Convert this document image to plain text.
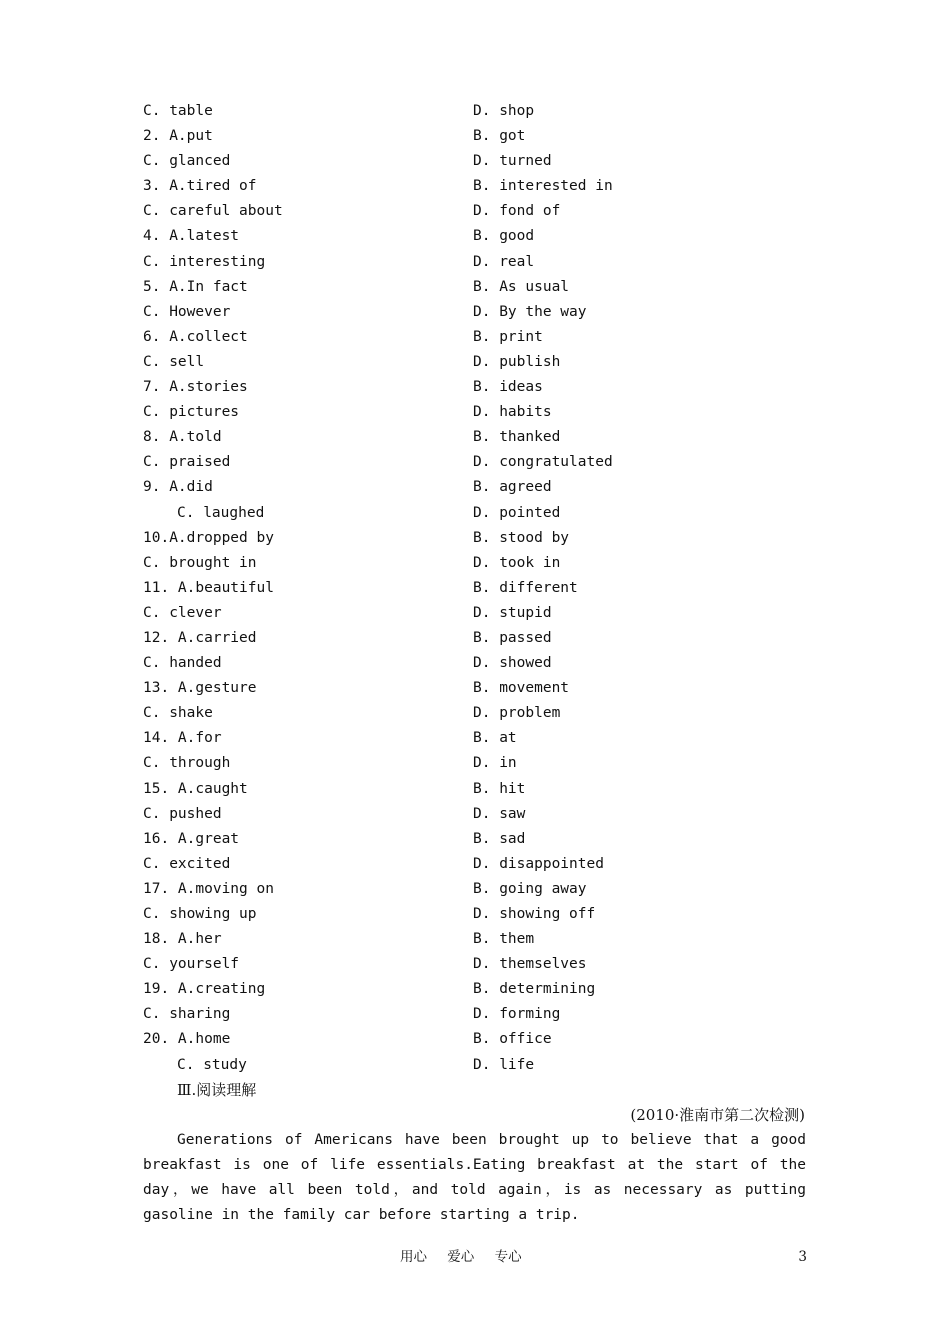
C. table	D. shop
2. A.put	B. got
C. glanced	D. turned
3. A.tired of	B. interested in
C. careful about	D. fond of
4. A.latest	B. good
C. interesting	D. real
5. A.In fact	B. As usual
C. However	D. By the way
6. A.collect	B. print
C. sell	D. publish
7. A.stories	B. ideas
C. pictures	D. habits
8. A.told	B. thanked
C. praised	D. congratulated
9. A.did	B. agreed
C. laughed	D. pointed
10.A.dropped by	B. stood by
C. brought in	D. took in
11. A.beautiful	B. different
C. clever	D. stupid
12. A.carried	B. passed
C. handed	D. showed
13. A.gesture	B. movement
C. shake	D. problem
14. A.for	B. at
C. through	D. in
15. A.caught	B. hit
C. pushed	D. saw
16. A.great	B. sad
C. excited	D. disappointed
17. A.moving on	B. going away
C. showing up	D. showing off
18. A.her	B. them
C. yourself	D. themselves
19. A.creating	B. determining
C. sharing	D. forming
20. A.home	B. office
C. study	D. life
Ⅲ.阅读理解
(2010·淮南市第二次检测)

Generations of Americans have been brought up to believe that a good breakfast is one of life essentials.Eating breakfast at the start of the day，we have all been told，and told again，is as necessary as putting gasoline in the family car before starting a trip.

用心 爱心 专心	3
